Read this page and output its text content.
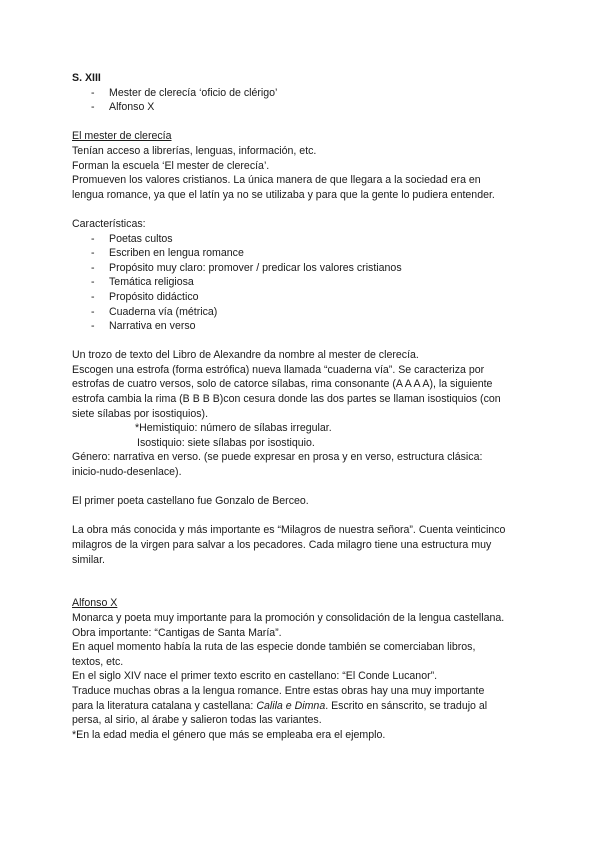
S. XIII

- Mester de clerecía ‘oficio de clérigo’
- Alfonso X

El mester de clerecía

Tenían acceso a librerías, lenguas, información, etc.

Forman la escuela ‘El mester de clerecía’.

Promueven los valores cristianos. La única manera de que llegara a la sociedad era en

lengua romance, ya que el latín ya no se utilizaba y para que la gente lo pudiera entender.

Características:

- Poetas cultos
- Escriben en lengua romance
- Propósito muy claro: promover / predicar los valores cristianos
- Temática religiosa
- Propósito didáctico
- Cuaderna vía (métrica)
- Narrativa en verso

Un trozo de texto del Libro de Alexandre da nombre al mester de clerecía.

Escogen una estrofa (forma estrófica) nueva llamada “cuaderna vía”. Se caracteriza por

estrofas de cuatro versos, solo de catorce sílabas, rima consonante (A A A A), la siguiente

estrofa cambia la rima (B B B B)con cesura donde las dos partes se llaman isostiquios (con

siete sílabas por isostiquios).

*Hemistiquio: número de sílabas irregular.

Isostiquio: siete sílabas por isostiquio.

Género: narrativa en verso. (se puede expresar en prosa y en verso, estructura clásica:

inicio-nudo-desenlace).

El primer poeta castellano fue Gonzalo de Berceo.

La obra más conocida y más importante es “Milagros de nuestra señora”. Cuenta veinticinco

milagros de la virgen para salvar a los pecadores. Cada milagro tiene una estructura muy

similar.

Alfonso X

Monarca y poeta muy importante para la promoción y consolidación de la lengua castellana.

Obra importante: “Cantigas de Santa María”.

En aquel momento había la ruta de las especie donde también se comerciaban libros,

textos, etc.

En el siglo XIV nace el primer texto escrito en castellano: “El Conde Lucanor”.

Traduce muchas obras a la lengua romance. Entre estas obras hay una muy importante

para la literatura catalana y castellana: Calila e Dimna. Escrito en sánscrito, se tradujo al

persa, al sirio, al árabe y salieron todas las variantes.

*En la edad media el género que más se empleaba era el ejemplo.
